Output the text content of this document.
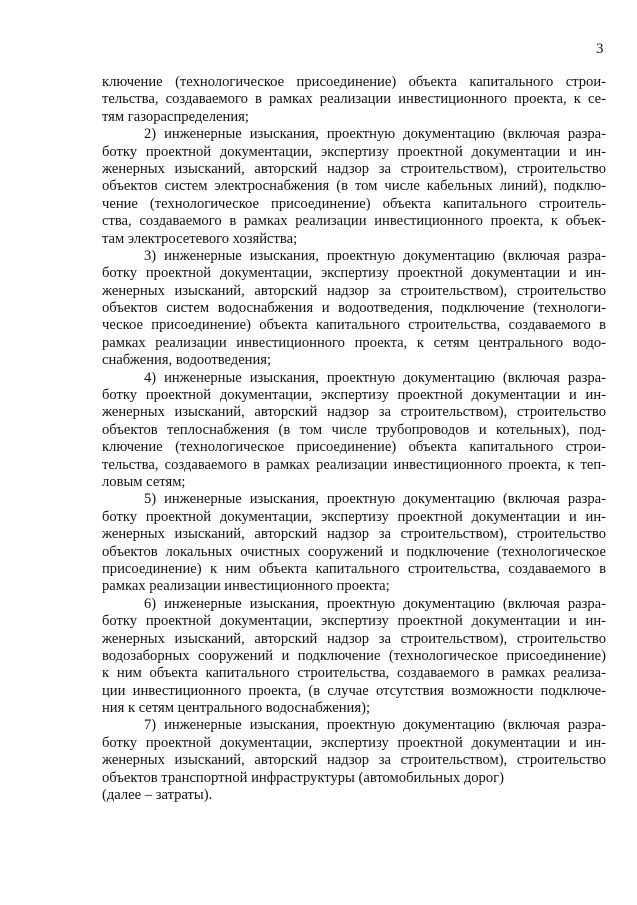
3
ключение (технологическое присоединение) объекта капитального строи-
тельства, создаваемого в рамках реализации инвестиционного проекта, к се-
тям газораспределения;
2) инженерные изыскания, проектную документацию (включая разра-
ботку проектной документации, экспертизу проектной документации и ин-
женерных изысканий, авторский надзор за строительством), строительство
объектов систем электроснабжения (в том числе кабельных линий), подклю-
чение (технологическое присоединение) объекта капитального строитель-
ства, создаваемого в рамках реализации инвестиционного проекта, к объек-
там электросетевого хозяйства;
3) инженерные изыскания, проектную документацию (включая разра-
ботку проектной документации, экспертизу проектной документации и ин-
женерных изысканий, авторский надзор за строительством), строительство
объектов систем водоснабжения и водоотведения, подключение (технологи-
ческое присоединение) объекта капитального строительства, создаваемого в
рамках реализации инвестиционного проекта, к сетям центрального водо-
снабжения, водоотведения;
4) инженерные изыскания, проектную документацию (включая разра-
ботку проектной документации, экспертизу проектной документации и ин-
женерных изысканий, авторский надзор за строительством), строительство
объектов теплоснабжения (в том числе трубопроводов и котельных), под-
ключение (технологическое присоединение) объекта капитального строи-
тельства, создаваемого в рамках реализации инвестиционного проекта, к теп-
ловым сетям;
5) инженерные изыскания, проектную документацию (включая разра-
ботку проектной документации, экспертизу проектной документации и ин-
женерных изысканий, авторский надзор за строительством), строительство
объектов локальных очистных сооружений и подключение (технологическое
присоединение) к ним объекта капитального строительства, создаваемого в
рамках реализации инвестиционного проекта;
6) инженерные изыскания, проектную документацию (включая разра-
ботку проектной документации, экспертизу проектной документации и ин-
женерных изысканий, авторский надзор за строительством), строительство
водозаборных сооружений и подключение (технологическое присоединение)
к ним объекта капитального строительства, создаваемого в рамках реализа-
ции инвестиционного проекта, (в случае отсутствия возможности подключе-
ния к сетям центрального водоснабжения);
7) инженерные изыскания, проектную документацию (включая разра-
ботку проектной документации, экспертизу проектной документации и ин-
женерных изысканий, авторский надзор за строительством), строительство
объектов транспортной инфраструктуры (автомобильных дорог)
(далее – затраты).
